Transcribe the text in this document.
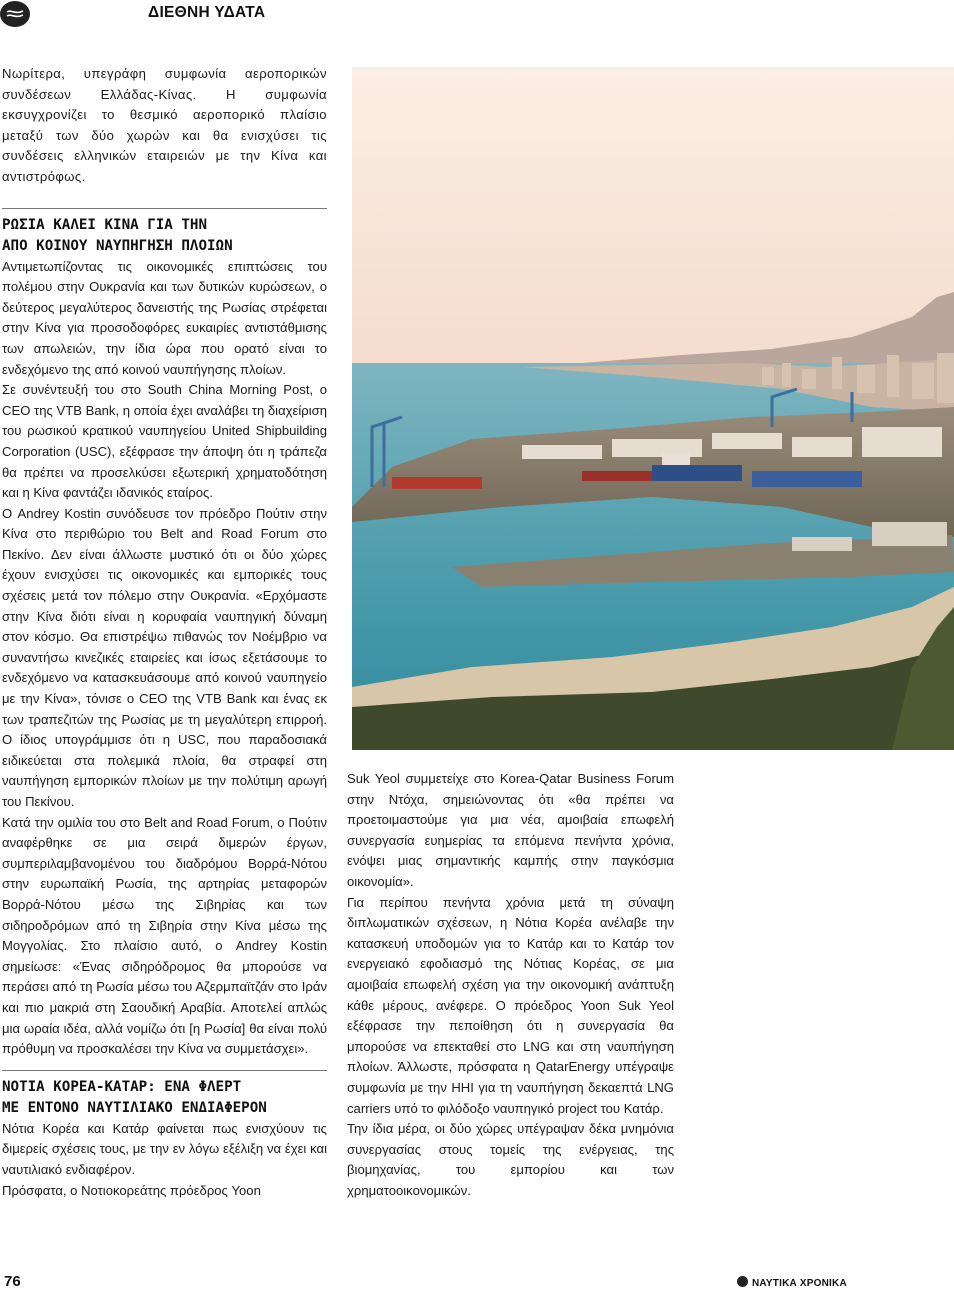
ΔΙΕΘΝΗ ΥΔΑΤΑ

Νωρίτερα, υπεγράφη συμφωνία αεροπορικών συνδέσεων Ελλάδας-Κίνας. Η συμφωνία εκσυγχρονίζει το θεσμικό αεροπορικό πλαίσιο μεταξύ των δύο χωρών και θα ενισχύσει τις συνδέσεις ελληνικών εταιρειών με την Κίνα και αντιστρόφως.

ΡΩΣΙΑ ΚΑΛΕΙ ΚΙΝΑ ΓΙΑ ΤΗΝ
ΑΠΟ ΚΟΙΝΟΥ ΝΑΥΠΗΓΗΣΗ ΠΛΟΙΩΝ

Αντιμετωπίζοντας τις οικονομικές επιπτώσεις του πολέμου στην Ουκρανία και των δυτικών κυρώσεων, ο δεύτερος μεγαλύτερος δανειστής της Ρωσίας στρέφεται στην Κίνα για προσοδοφόρες ευκαιρίες αντιστάθμισης των απωλειών, την ίδια ώρα που ορατό είναι το ενδεχόμενο της από κοινού ναυπήγησης πλοίων.

Σε συνέντευξή του στο South China Morning Post, ο CEO της VTB Bank, η οποία έχει αναλάβει τη διαχείριση του ρωσικού κρατικού ναυπηγείου United Shipbuilding Corporation (USC), εξέφρασε την άποψη ότι η τράπεζα θα πρέπει να προσελκύσει εξωτερική χρηματοδότηση και η Κίνα φαντάζει ιδανικός εταίρος.

Ο Andrey Kostin συνόδευσε τον πρόεδρο Πούτιν στην Κίνα στο περιθώριο του Belt and Road Forum στο Πεκίνο. Δεν είναι άλλωστε μυστικό ότι οι δύο χώρες έχουν ενισχύσει τις οικονομικές και εμπορικές τους σχέσεις μετά τον πόλεμο στην Ουκρανία. «Ερχόμαστε στην Κίνα διότι είναι η κορυφαία ναυπηγική δύναμη στον κόσμο. Θα επιστρέψω πιθανώς τον Νοέμβριο να συναντήσω κινεζικές εταιρείες και ίσως εξετάσουμε το ενδεχόμενο να κατασκευάσουμε από κοινού ναυπηγείο με την Κίνα», τόνισε ο CEO της VTB Bank και ένας εκ των τραπεζιτών της Ρωσίας με τη μεγαλύτερη επιρροή. Ο ίδιος υπογράμμισε ότι η USC, που παραδοσιακά ειδικεύεται στα πολεμικά πλοία, θα στραφεί στη ναυπήγηση εμπορικών πλοίων με την πολύτιμη αρωγή του Πεκίνου.

Κατά την ομιλία του στο Belt and Road Forum, ο Πούτιν αναφέρθηκε σε μια σειρά διμερών έργων, συμπεριλαμβανομένου του διαδρόμου Βορρά-Νότου στην ευρωπαϊκή Ρωσία, της αρτηρίας μεταφορών Βορρά-Νότου μέσω της Σιβηρίας και των σιδηροδρόμων από τη Σιβηρία στην Κίνα μέσω της Μογγολίας. Στο πλαίσιο αυτό, ο Andrey Kostin σημείωσε: «Ένας σιδηρόδρομος θα μπορούσε να περάσει από τη Ρωσία μέσω του Αζερμπαϊτζάν στο Ιράν και πιο μακριά στη Σαουδική Αραβία. Αποτελεί απλώς μια ωραία ιδέα, αλλά νομίζω ότι [η Ρωσία] θα είναι πολύ πρόθυμη να προσκαλέσει την Κίνα να συμμετάσχει».

ΝΟΤΙΑ ΚΟΡΕΑ-ΚΑΤΑΡ: ΕΝΑ ΦΛΕΡΤ
ΜΕ ΕΝΤΟΝΟ ΝΑΥΤΙΛΙΑΚΟ ΕΝΔΙΑΦΕΡΟΝ

Νότια Κορέα και Κατάρ φαίνεται πως ενισχύουν τις διμερείς σχέσεις τους, με την εν λόγω εξέλιξη να έχει και ναυτιλιακό ενδιαφέρον.

Πρόσφατα, ο Νοτιοκορεάτης πρόεδρος Yoon

Suk Yeol συμμετείχε στο Korea-Qatar Business Forum στην Ντόχα, σημειώνοντας ότι «θα πρέπει να προετοιμαστούμε για μια νέα, αμοιβαία επωφελή συνεργασία ευημερίας τα επόμενα πενήντα χρόνια, ενόψει μιας σημαντικής καμπής στην παγκόσμια οικονομία».

Για περίπου πενήντα χρόνια μετά τη σύναψη διπλωματικών σχέσεων, η Νότια Κορέα ανέλαβε την κατασκευή υποδομών για το Κατάρ και το Κατάρ τον ενεργειακό εφοδιασμό της Νότιας Κορέας, σε μια αμοιβαία επωφελή σχέση για την οικονομική ανάπτυξη κάθε μέρους, ανέφερε. Ο πρόεδρος Yoon Suk Yeol εξέφρασε την πεποίθηση ότι η συνεργασία θα μπορούσε να επεκταθεί στο LNG και στη ναυπήγηση πλοίων. Άλλωστε, πρόσφατα η QatarEnergy υπέγραψε συμφωνία με την HHI για τη ναυπήγηση δεκαεπτά LNG carriers υπό το φιλόδοξο ναυπηγικό project του Κατάρ.

Την ίδια μέρα, οι δύο χώρες υπέγραψαν δέκα μνημόνια συνεργασίας στους τομείς της ενέργειας, της βιομηχανίας, του εμπορίου και των χρηματοοικονομικών.

76	ΝΑΥΤΙΚΑ ΧΡΟΝΙΚΑ
